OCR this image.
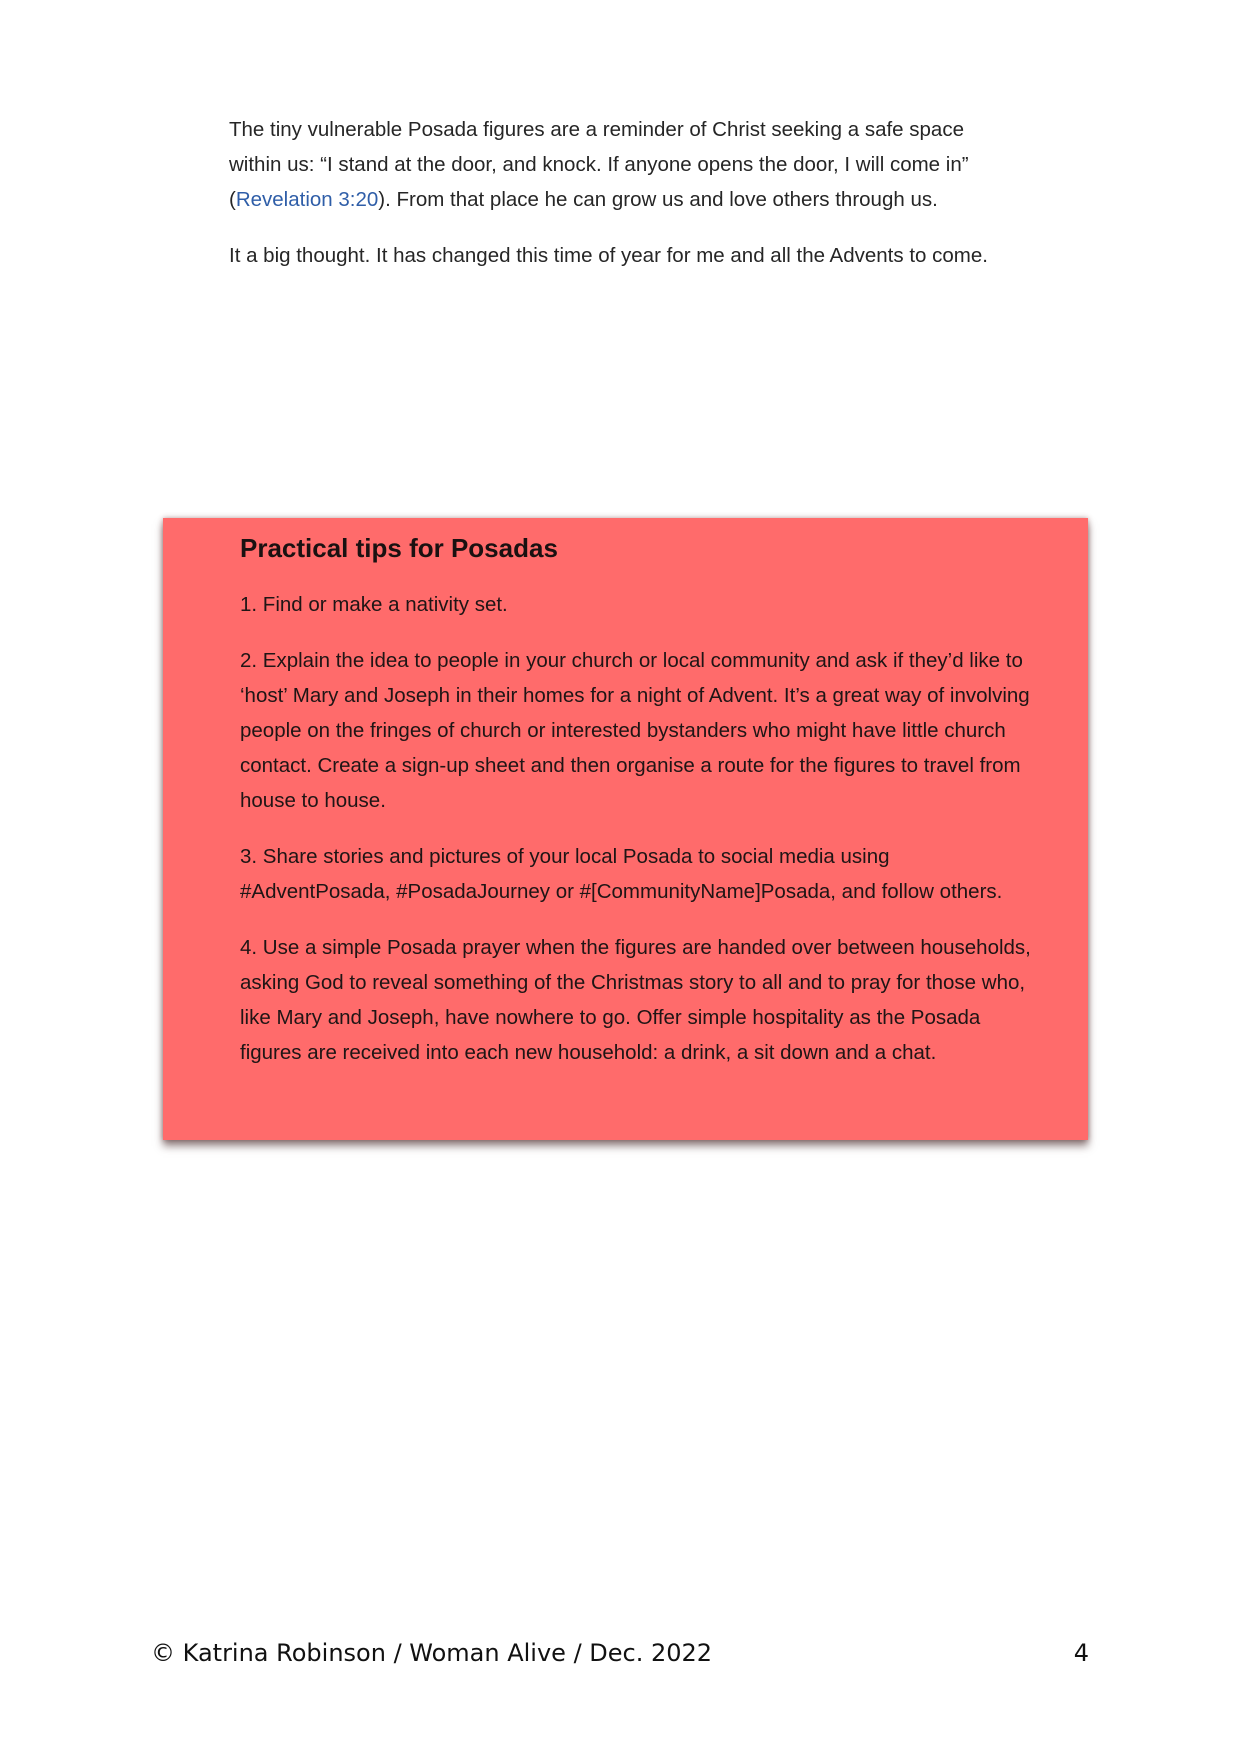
The tiny vulnerable Posada figures are a reminder of Christ seeking a safe space within us: “I stand at the door, and knock. If anyone opens the door, I will come in” (Revelation 3:20). From that place he can grow us and love others through us.

It a big thought. It has changed this time of year for me and all the Advents to come.

Practical tips for Posadas

1. Find or make a nativity set.

2. Explain the idea to people in your church or local community and ask if they’d like to ‘host’ Mary and Joseph in their homes for a night of Advent. It’s a great way of involving people on the fringes of church or interested bystanders who might have little church contact. Create a sign-up sheet and then organise a route for the figures to travel from house to house.

3. Share stories and pictures of your local Posada to social media using #AdventPosada, #PosadaJourney or #[CommunityName]Posada, and follow others.

4. Use a simple Posada prayer when the figures are handed over between households, asking God to reveal something of the Christmas story to all and to pray for those who, like Mary and Joseph, have nowhere to go. Offer simple hospitality as the Posada figures are received into each new household: a drink, a sit down and a chat.

© Katrina Robinson / Woman Alive / Dec. 2022	4
